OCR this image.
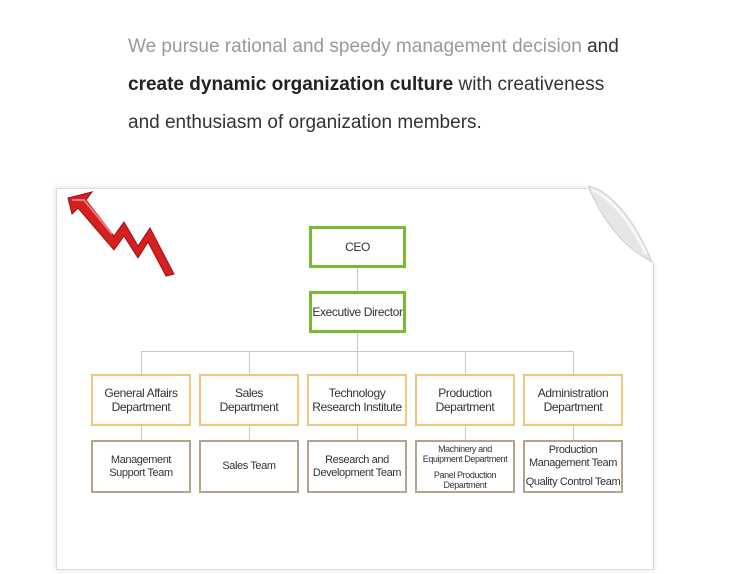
We pursue rational and speedy management decision and
create dynamic organization culture with creativeness
and enthusiasm of organization members.
CEO
Executive Director
General Affairs
Department
Sales
Department
Technology
Research Institute
Production
Department
Administration
Department
Management
Support Team
Sales Team
Research and
Development Team
Machinery and
Equipment Department
Panel Production
Department
Production
Management Team
Quality Control Team
